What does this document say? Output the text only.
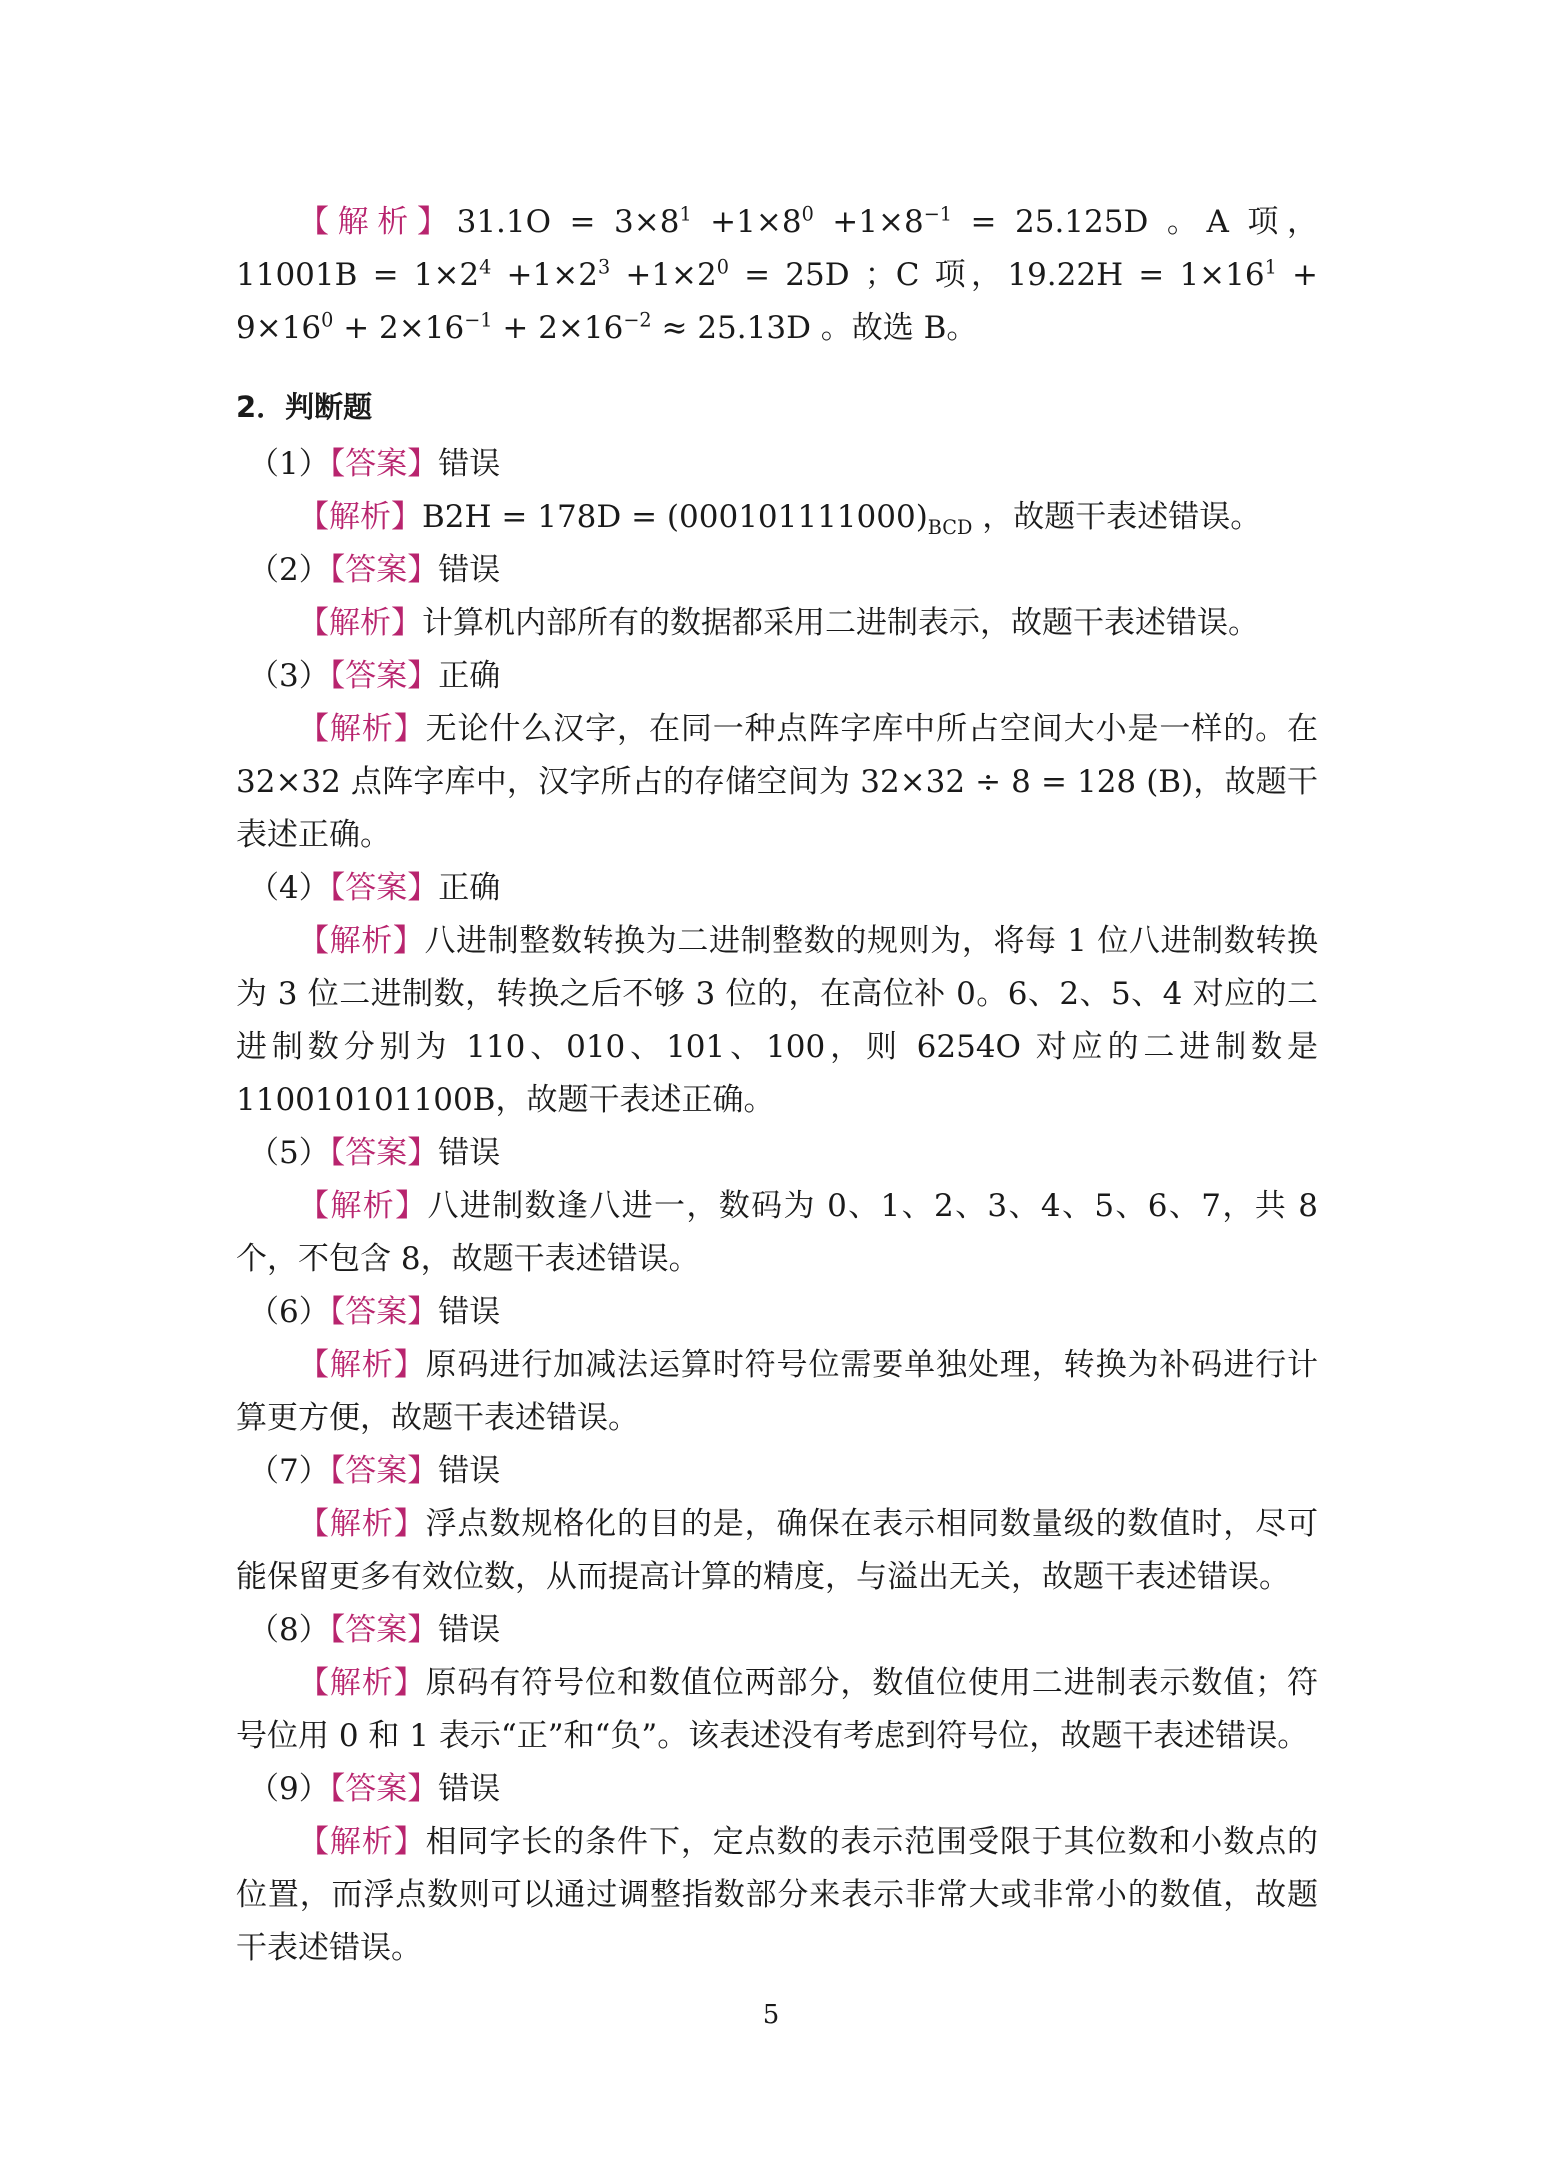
【解析】$31.1O = 3\times 8^1 +1\times 8^0 +1\times 8^{-1} = 25.125D$ 。A 项，$11001B = 1\times 2^4 +1\times 2^3 +1\times 2^0 = 25D$ ；C 项，$19.22H = 1\times 16^1 + 9\times 16^0 + 2\times 16^{-1} + 2\times 16^{-2} \approx 25.13D$ 。故选 B。

2．判断题

（1）【答案】错误

【解析】$B2H = 178D = (000101111000)_{BCD}$ ，故题干表述错误。

（2）【答案】错误

【解析】计算机内部所有的数据都采用二进制表示，故题干表述错误。

（3）【答案】正确

【解析】无论什么汉字，在同一种点阵字库中所占空间大小是一样的。在 32×32 点阵字库中，汉字所占的存储空间为 32×32 ÷ 8 = 128 (B)，故题干表述正确。

（4）【答案】正确

【解析】八进制整数转换为二进制整数的规则为，将每 1 位八进制数转换为 3 位二进制数，转换之后不够 3 位的，在高位补 0。6、2、5、4 对应的二进制数分别为 110、010、101、100，则 6254O 对应的二进制数是 110010101100B，故题干表述正确。

（5）【答案】错误

【解析】八进制数逢八进一，数码为 0、1、2、3、4、5、6、7，共 8 个，不包含 8，故题干表述错误。

（6）【答案】错误

【解析】原码进行加减法运算时符号位需要单独处理，转换为补码进行计算更方便，故题干表述错误。

（7）【答案】错误

【解析】浮点数规格化的目的是，确保在表示相同数量级的数值时，尽可能保留更多有效位数，从而提高计算的精度，与溢出无关，故题干表述错误。

（8）【答案】错误

【解析】原码有符号位和数值位两部分，数值位使用二进制表示数值；符号位用 0 和 1 表示“正”和“负”。该表述没有考虑到符号位，故题干表述错误。

（9）【答案】错误

【解析】相同字长的条件下，定点数的表示范围受限于其位数和小数点的位置，而浮点数则可以通过调整指数部分来表示非常大或非常小的数值，故题干表述错误。

5
